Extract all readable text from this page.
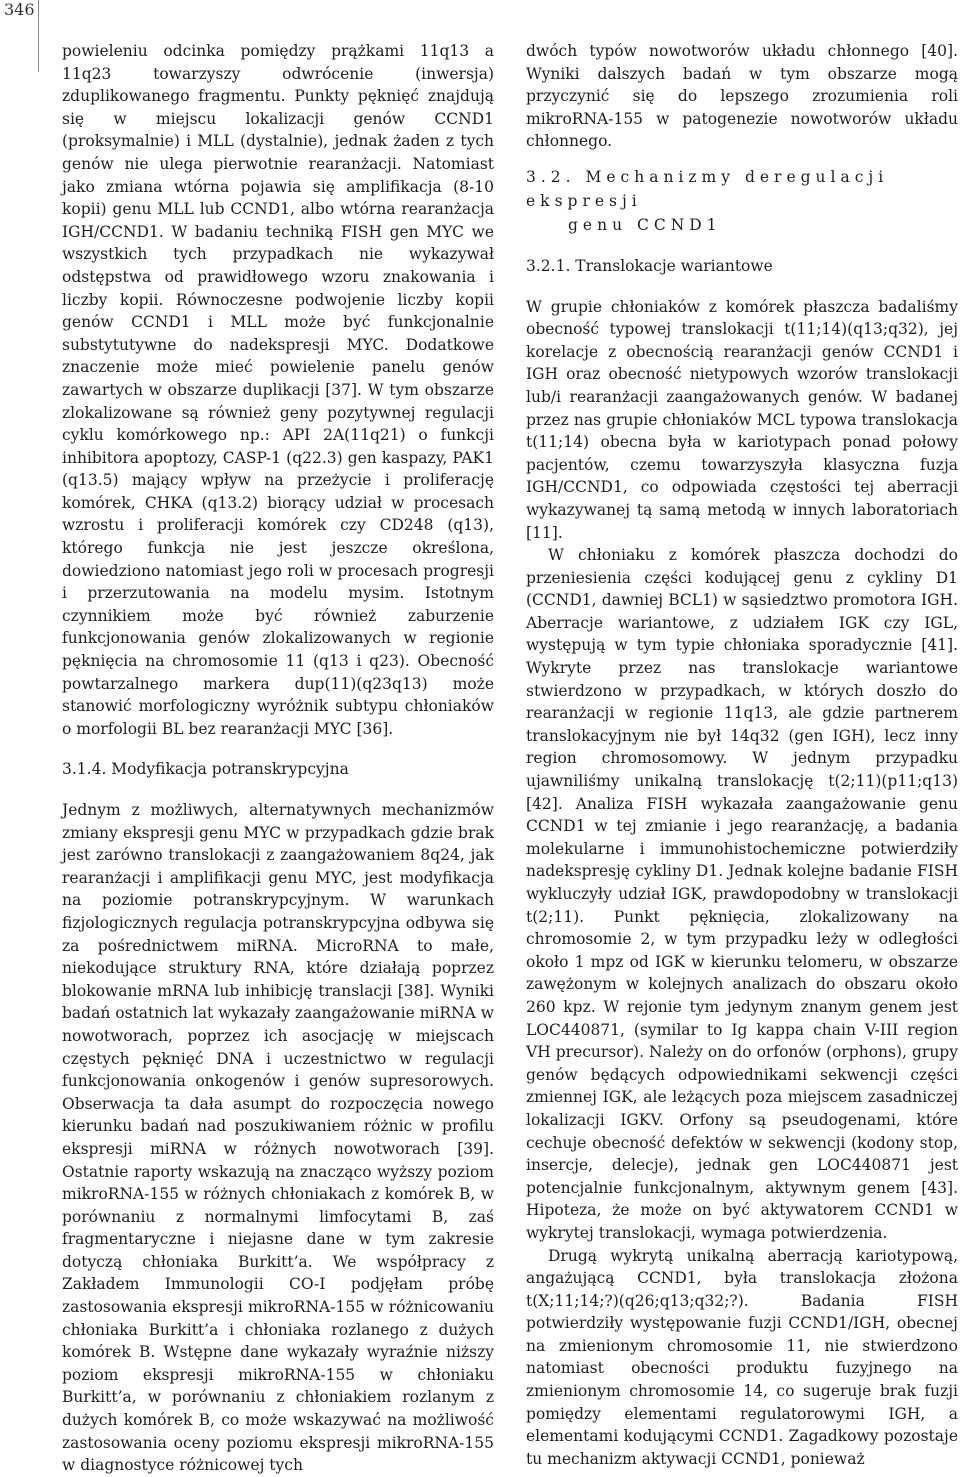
346

powieleniu odcinka pomiędzy prążkami 11q13 a 11q23 towarzyszy odwrócenie (inwersja) zduplikowanego fragmentu. Punkty pęknięć znajdują się w miejscu lokalizacji genów CCND1 (proksymalnie) i MLL (dystalnie), jednak żaden z tych genów nie ulega pierwotnie rearanżacji. Natomiast jako zmiana wtórna pojawia się amplifikacja (8-10 kopii) genu MLL lub CCND1, albo wtórna rearanżacja IGH/CCND1. W badaniu techniką FISH gen MYC we wszystkich tych przypadkach nie wykazywał odstępstwa od prawidłowego wzoru znakowania i liczby kopii. Równoczesne podwojenie liczby kopii genów CCND1 i MLL może być funkcjonalnie substytutywne do nadekspresji MYC. Dodatkowe znaczenie może mieć powielenie panelu genów zawartych w obszarze duplikacji [37]. W tym obszarze zlokalizowane są również geny pozytywnej regulacji cyklu komórkowego np.: API 2A(11q21) o funkcji inhibitora apoptozy, CASP-1 (q22.3) gen kaspazy, PAK1 (q13.5) mający wpływ na przeżycie i proliferację komórek, CHKA (q13.2) biorący udział w procesach wzrostu i proliferacji komórek czy CD248 (q13), którego funkcja nie jest jeszcze określona, dowiedziono natomiast jego roli w procesach progresji i przerzutowania na modelu mysim. Istotnym czynnikiem może być również zaburzenie funkcjonowania genów zlokalizowanych w regionie pęknięcia na chromosomie 11 (q13 i q23). Obecność powtarzalnego markera dup(11)(q23q13) może stanowić morfologiczny wyróżnik subtypu chłoniaków o morfologii BL bez rearanżacji MYC [36].

3.1.4. Modyfikacja potranskrypcyjna

Jednym z możliwych, alternatywnych mechanizmów zmiany ekspresji genu MYC w przypadkach gdzie brak jest zarówno translokacji z zaangażowaniem 8q24, jak rearanżacji i amplifikacji genu MYC, jest modyfikacja na poziomie potranskrypcyjnym. W warunkach fizjologicznych regulacja potranskrypcyjna odbywa się za pośrednictwem miRNA. MicroRNA to małe, niekodujące struktury RNA, które działają poprzez blokowanie mRNA lub inhibicję translacji [38]. Wyniki badań ostatnich lat wykazały zaangażowanie miRNA w nowotworach, poprzez ich asocjację w miejscach częstych pęknięć DNA i uczestnictwo w regulacji funkcjonowania onkogenów i genów supresorowych. Obserwacja ta dała asumpt do rozpoczęcia nowego kierunku badań nad poszukiwaniem różnic w profilu ekspresji miRNA w różnych nowotworach [39]. Ostatnie raporty wskazują na znacząco wyższy poziom mikroRNA-155 w różnych chłoniakach z komórek B, w porównaniu z normalnymi limfocytami B, zaś fragmentaryczne i niejasne dane w tym zakresie dotyczą chłoniaka Burkitt’a. We współpracy z Zakładem Immunologii CO-I podjęłam próbę zastosowania ekspresji mikroRNA-155 w różnicowaniu chłoniaka Burkitt’a i chłoniaka rozlanego z dużych komórek B. Wstępne dane wykazały wyraźnie niższy poziom ekspresji mikroRNA-155 w chłoniaku Burkitt’a, w porównaniu z chłoniakiem rozlanym z dużych komórek B, co może wskazywać na możliwość zastosowania oceny poziomu ekspresji mikroRNA-155 w diagnostyce różnicowej tych

dwóch typów nowotworów układu chłonnego [40]. Wyniki dalszych badań w tym obszarze mogą przyczynić się do lepszego zrozumienia roli mikroRNA-155 w patogenezie nowotworów układu chłonnego.

3.2. Mechanizmy deregulacji ekspresji
genu CCND1

3.2.1. Translokacje wariantowe

W grupie chłoniaków z komórek płaszcza badaliśmy obecność typowej translokacji t(11;14)(q13;q32), jej korelacje z obecnością rearanżacji genów CCND1 i IGH oraz obecność nietypowych wzorów translokacji lub/i rearanżacji zaangażowanych genów. W badanej przez nas grupie chłoniaków MCL typowa translokacja t(11;14) obecna była w kariotypach ponad połowy pacjentów, czemu towarzyszyła klasyczna fuzja IGH/CCND1, co odpowiada częstości tej aberracji wykazywanej tą samą metodą w innych laboratoriach [11].

W chłoniaku z komórek płaszcza dochodzi do przeniesienia części kodującej genu z cykliny D1 (CCND1, dawniej BCL1) w sąsiedztwo promotora IGH. Aberracje wariantowe, z udziałem IGK czy IGL, występują w tym typie chłoniaka sporadycznie [41]. Wykryte przez nas translokacje wariantowe stwierdzono w przypadkach, w których doszło do rearanżacji w regionie 11q13, ale gdzie partnerem translokacyjnym nie był 14q32 (gen IGH), lecz inny region chromosomowy. W jednym przypadku ujawniliśmy unikalną translokację t(2;11)(p11;q13) [42]. Analiza FISH wykazała zaangażowanie genu CCND1 w tej zmianie i jego rearanżację, a badania molekularne i immunohistochemiczne potwierdziły nadekspresję cykliny D1. Jednak kolejne badanie FISH wykluczyły udział IGK, prawdopodobny w translokacji t(2;11). Punkt pęknięcia, zlokalizowany na chromosomie 2, w tym przypadku leży w odległości około 1 mpz od IGK w kierunku telomeru, w obszarze zawężonym w kolejnych analizach do obszaru około 260 kpz. W rejonie tym jedynym znanym genem jest LOC440871, (symilar to Ig kappa chain V-III region VH precursor). Należy on do orfonów (orphons), grupy genów będących odpowiednikami sekwencji części zmiennej IGK, ale leżących poza miejscem zasadniczej lokalizacji IGKV. Orfony są pseudogenami, które cechuje obecność defektów w sekwencji (kodony stop, insercje, delecje), jednak gen LOC440871 jest potencjalnie funkcjonalnym, aktywnym genem [43]. Hipoteza, że może on być aktywatorem CCND1 w wykrytej translokacji, wymaga potwierdzenia.

Drugą wykrytą unikalną aberracją kariotypową, angażującą CCND1, była translokacja złożona t(X;11;14;?)(q26;q13;q32;?). Badania FISH potwierdziły występowanie fuzji CCND1/IGH, obecnej na zmienionym chromosomie 11, nie stwierdzono natomiast obecności produktu fuzyjnego na zmienionym chromosomie 14, co sugeruje brak fuzji pomiędzy elementami regulatorowymi IGH, a elementami kodującymi CCND1. Zagadkowy pozostaje tu mechanizm aktywacji CCND1, ponieważ
